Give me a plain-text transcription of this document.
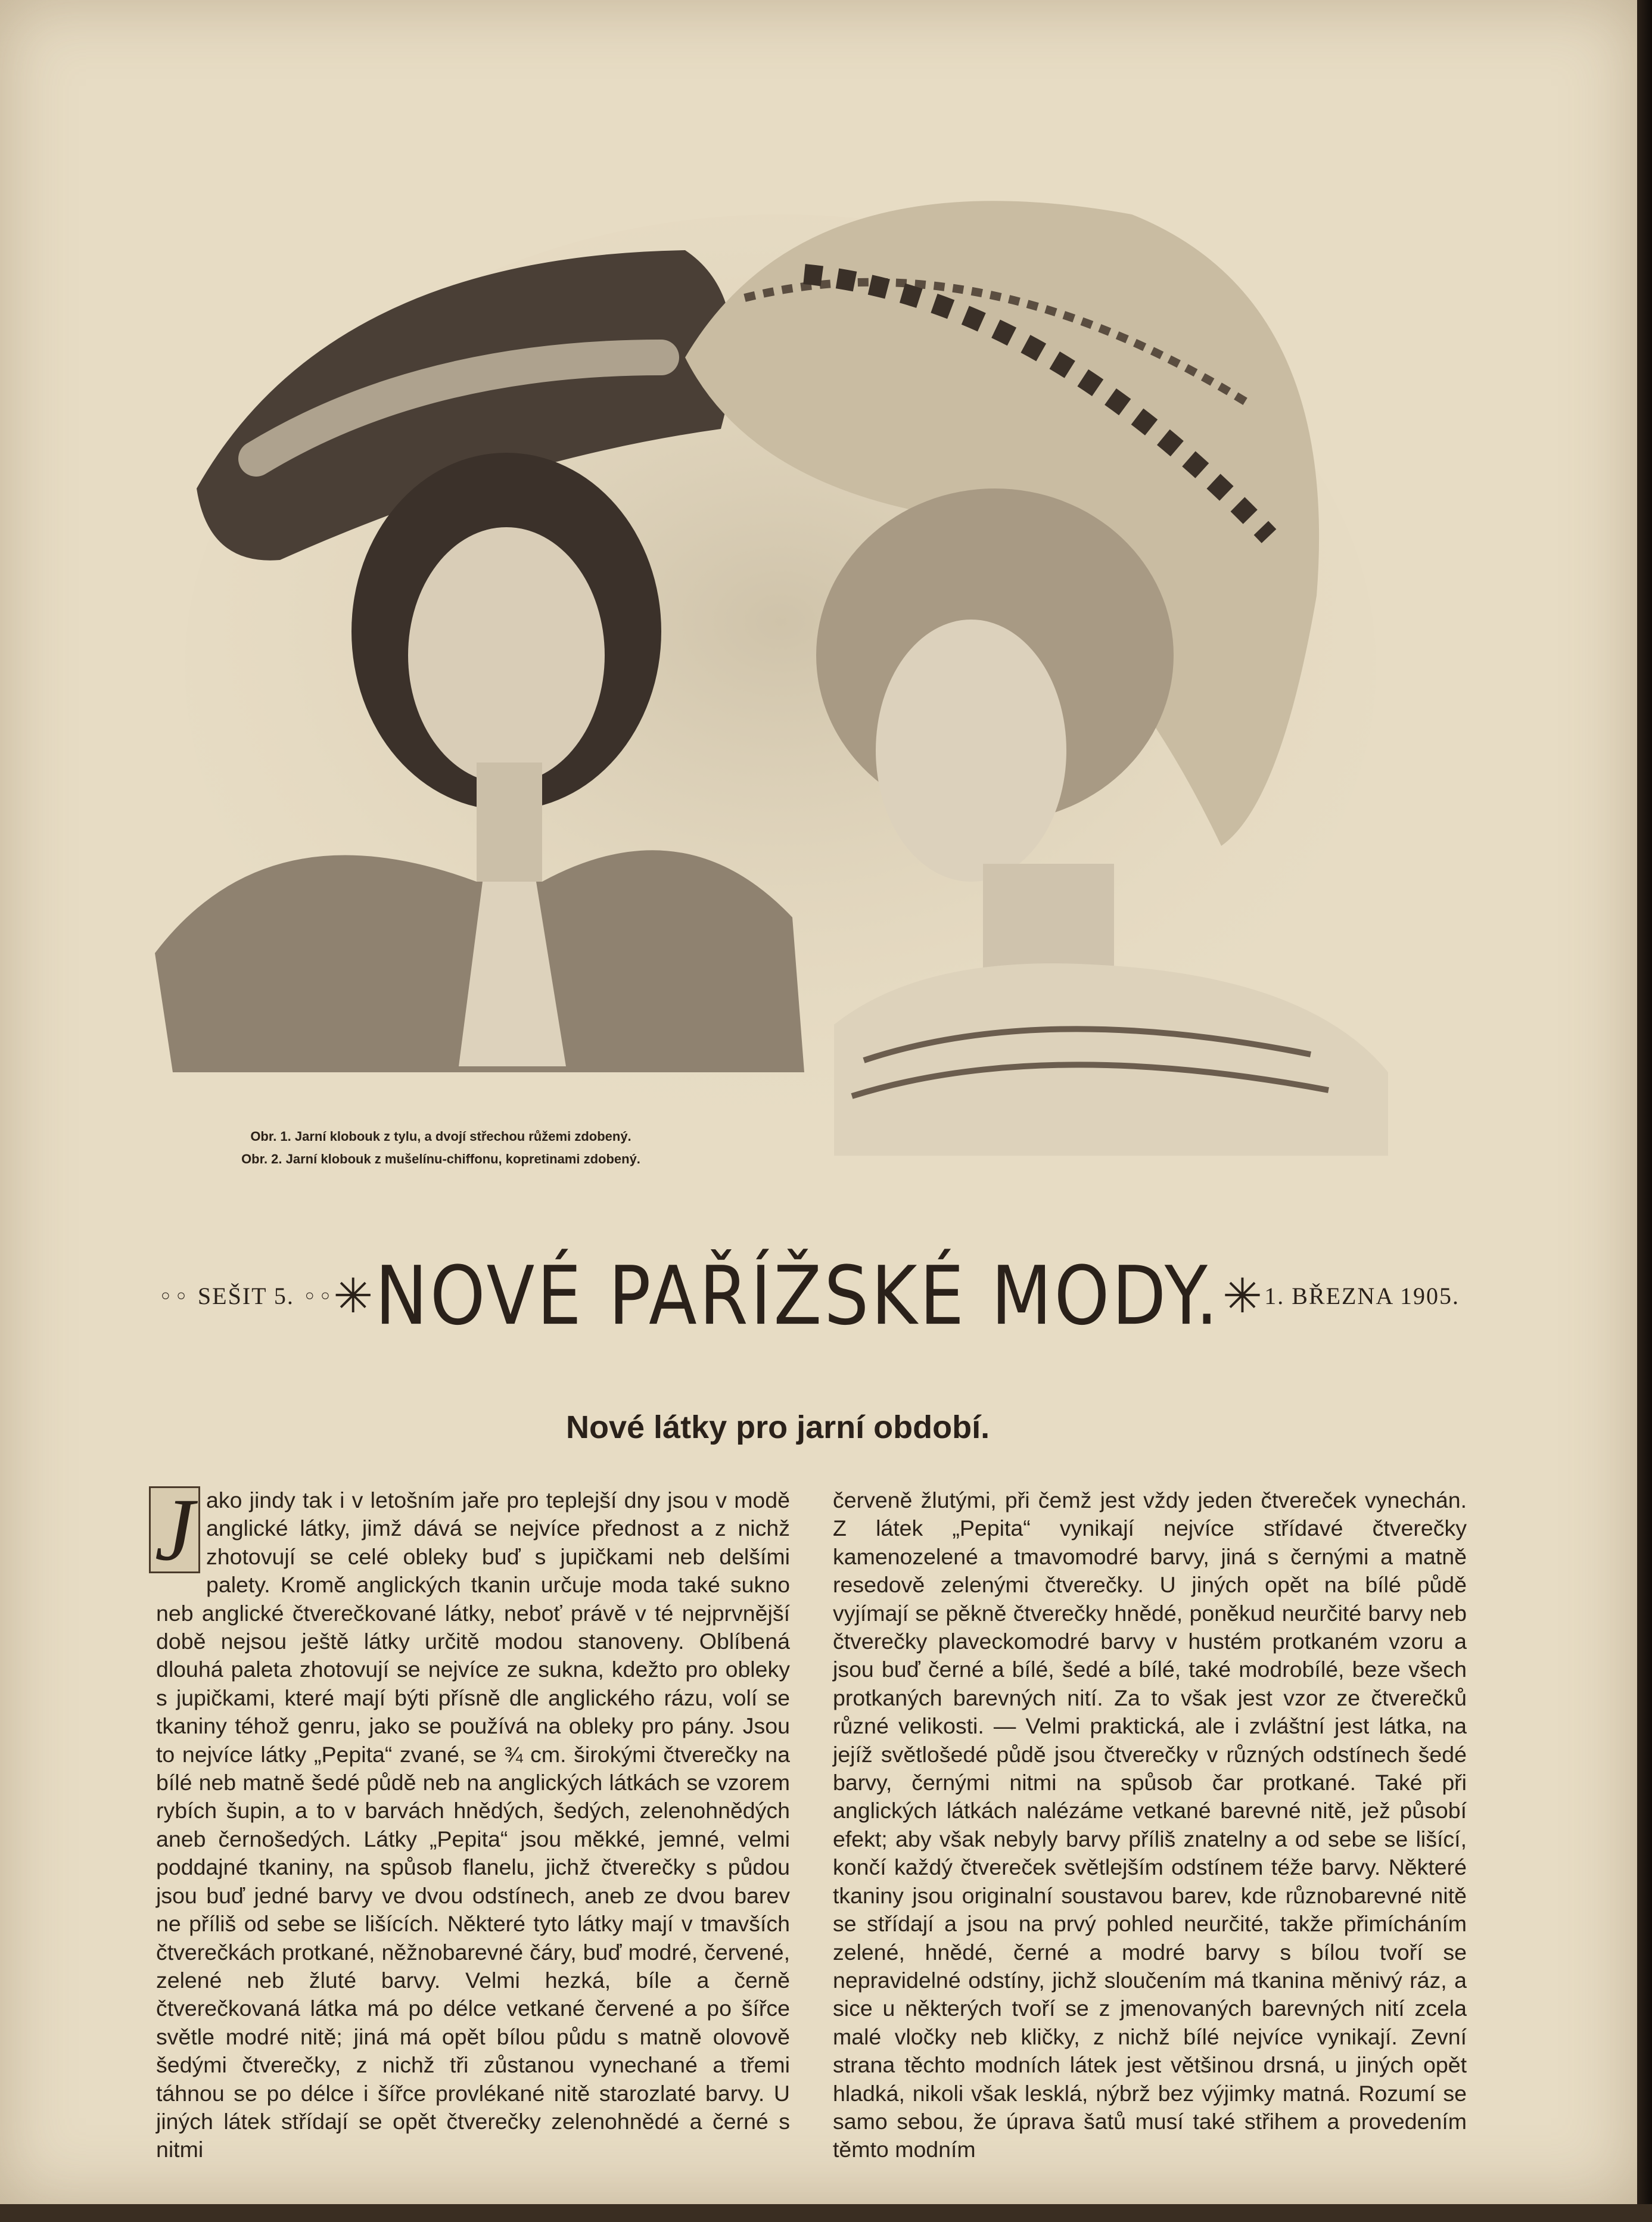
Obr. 1. Jarní klobouk z tylu, a dvojí střechou růžemi zdobený.

Obr. 2. Jarní klobouk z mušelínu-chiffonu, kopretinami zdobený.

○ ○ SEŠIT 5. ○ ○ ✳ NOVÉ PAŘÍŽSKÉ MODY. ✳ 1. BŘEZNA 1905.
Nové látky pro jarní období.
J ako jindy tak i v letošním jaře pro teplejší dny jsou v modě anglické látky, jimž dává se nejvíce přednost a z nichž zhotovují se celé obleky buď s jupičkami neb delšími palety. Kromě anglických tkanin určuje moda také sukno neb anglické čtverečkované látky, neboť právě v té nejprvnější době nejsou ještě látky určitě modou stanoveny. Oblíbená dlouhá paleta zhotovují se nejvíce ze sukna, kdežto pro obleky s jupičkami, které mají býti přísně dle anglického rázu, volí se tkaniny téhož genru, jako se používá na obleky pro pány. Jsou to nejvíce látky „Pepita“ zvané, se ¾ cm. širokými čtverečky na bílé neb matně šedé půdě neb na anglických látkách se vzorem rybích šupin, a to v barvách hnědých, šedých, zelenohnědých aneb černošedých. Látky „Pepita“ jsou měkké, jemné, velmi poddajné tkaniny, na spůsob flanelu, jichž čtverečky s půdou jsou buď jedné barvy ve dvou odstínech, aneb ze dvou barev ne příliš od sebe se lišících. Některé tyto látky mají v tmavších čtverečkách protkané, něžnobarevné čáry, buď modré, červené, zelené neb žluté barvy. Velmi hezká, bíle a černě čtverečkovaná látka má po délce vetkané červené a po šířce světle modré nitě; jiná má opět bílou půdu s matně olovově šedými čtverečky, z nichž tři zůstanou vynechané a třemi táhnou se po délce i šířce provlékané nitě starozlaté barvy. U jiných látek střídají se opět čtverečky zelenohnědé a černé s nitmi

červeně žlutými, při čemž jest vždy jeden čtvereček vynechán. Z látek „Pepita“ vynikají nejvíce střídavé čtverečky kamenozelené a tmavomodré barvy, jiná s černými a matně resedově zelenými čtverečky. U jiných opět na bílé půdě vyjímají se pěkně čtverečky hnědé, poněkud neurčité barvy neb čtverečky plaveckomodré barvy v hustém protkaném vzoru a jsou buď černé a bílé, šedé a bílé, také modrobílé, beze všech protkaných barevných nití. Za to však jest vzor ze čtverečků různé velikosti. — Velmi praktická, ale i zvláštní jest látka, na jejíž světlošedé půdě jsou čtverečky v různých odstínech šedé barvy, černými nitmi na spůsob čar protkané. Také při anglických látkách nalézáme vetkané barevné nitě, jež působí efekt; aby však nebyly barvy příliš znatelny a od sebe se lišící, končí každý čtvereček světlejším odstínem téže barvy. Některé tkaniny jsou originalní soustavou barev, kde různobarevné nitě se střídají a jsou na prvý pohled neurčité, takže přimícháním zelené, hnědé, černé a modré barvy s bílou tvoří se nepravidelné odstíny, jichž sloučením má tkanina měnivý ráz, a sice u některých tvoří se z jmenovaných barevných nití zcela malé vločky neb kličky, z nichž bílé nejvíce vynikají. Zevní strana těchto modních látek jest většinou drsná, u jiných opět hladká, nikoli však lesklá, nýbrž bez výjimky matná. Rozumí se samo sebou, že úprava šatů musí také střihem a provedením těmto modním
